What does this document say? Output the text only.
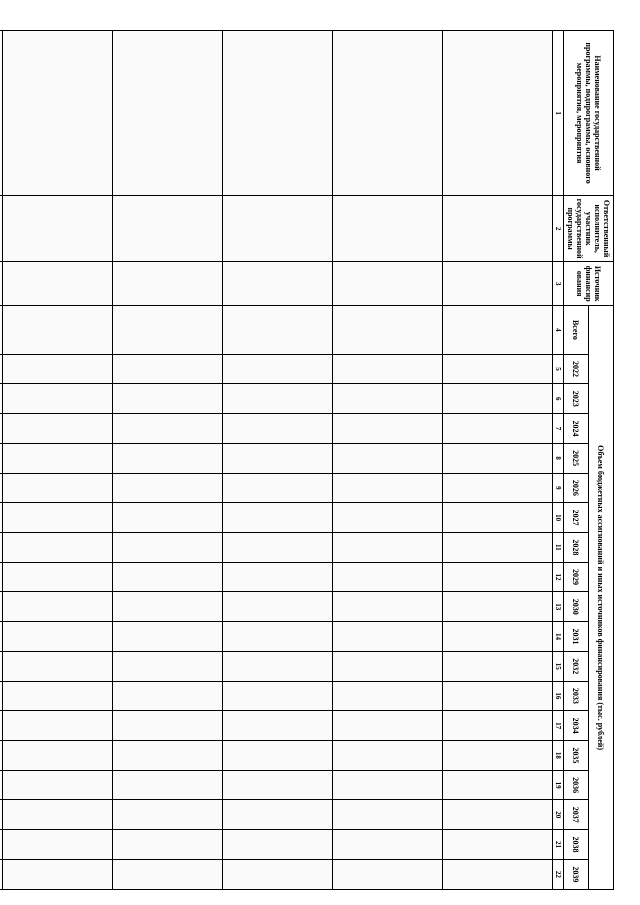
Наименование государственной программы, подпрограммы, основного мероприятия, мероприятия	Ответственный исполнитель, участник государственной программы	Источник финансирования	Объем бюджетных ассигнований и иных источников финансирования (тыс. рублей)																		
			Всего	2022	2023	2024	2025	2026	2027	2028	2029	2030	2031	2032	2033	2034	2035	2036	2037	2038	2039
1	2	3	4	5	6	7	8	9	10	11	12	13	14	15	16	17	18	19	20	21	22
